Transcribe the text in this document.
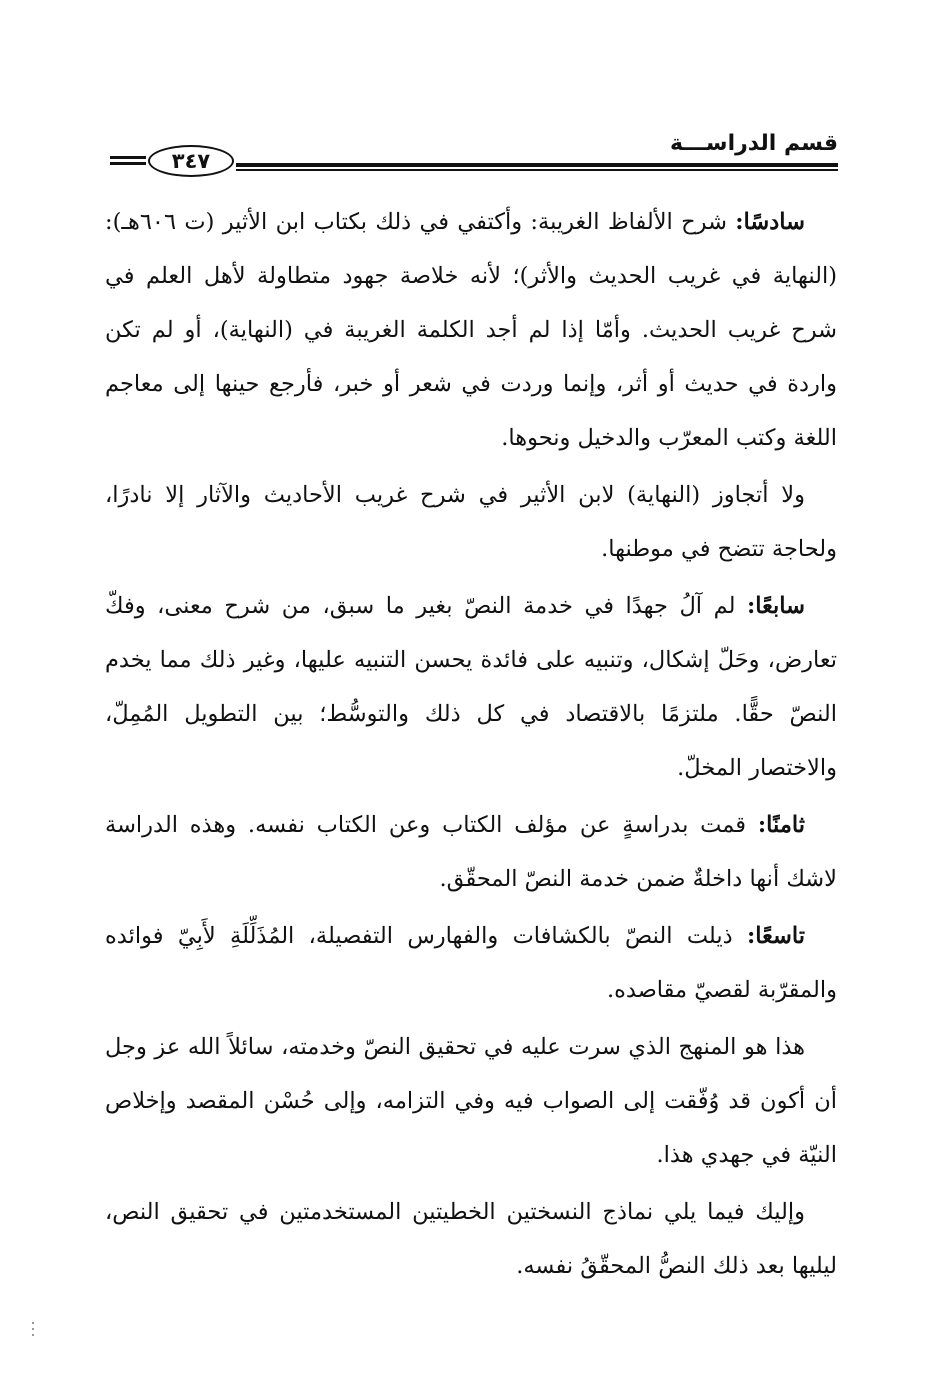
قسم الدراســـة
٣٤٧

سادسًا: شرح الألفاظ الغريبة: وأكتفي في ذلك بكتاب ابن الأثير (ت ٦٠٦هـ): (النهاية في غريب الحديث والأثر)؛ لأنه خلاصة جهود متطاولة لأهل العلم في شرح غريب الحديث. وأمّا إذا لم أجد الكلمة الغريبة في (النهاية)، أو لم تكن واردة في حديث أو أثر، وإنما وردت في شعر أو خبر، فأرجع حينها إلى معاجم اللغة وكتب المعرّب والدخيل ونحوها.

ولا أتجاوز (النهاية) لابن الأثير في شرح غريب الأحاديث والآثار إلا نادرًا، ولحاجة تتضح في موطنها.

سابعًا: لم آلُ جهدًا في خدمة النصّ بغير ما سبق، من شرح معنى، وفكّ تعارض، وحَلّ إشكال، وتنبيه على فائدة يحسن التنبيه عليها، وغير ذلك مما يخدم النصّ حقًّا. ملتزمًا بالاقتصاد في كل ذلك والتوسُّط؛ بين التطويل المُمِلّ، والاختصار المخلّ.

ثامنًا: قمت بدراسةٍ عن مؤلف الكتاب وعن الكتاب نفسه. وهذه الدراسة لاشك أنها داخلةٌ ضمن خدمة النصّ المحقّق.

تاسعًا: ذيلت النصّ بالكشافات والفهارس التفصيلة، المُذَلِّلَةِ لأَبِيّ فوائده والمقرّبة لقصيّ مقاصده.

هذا هو المنهج الذي سرت عليه في تحقيق النصّ وخدمته، سائلاً الله عز وجل أن أكون قد وُفّقت إلى الصواب فيه وفي التزامه، وإلى حُسْن المقصد وإخلاص النيّة في جهدي هذا.

وإليك فيما يلي نماذج النسختين الخطيتين المستخدمتين في تحقيق النص، ليليها بعد ذلك النصُّ المحقّقُ نفسه.
